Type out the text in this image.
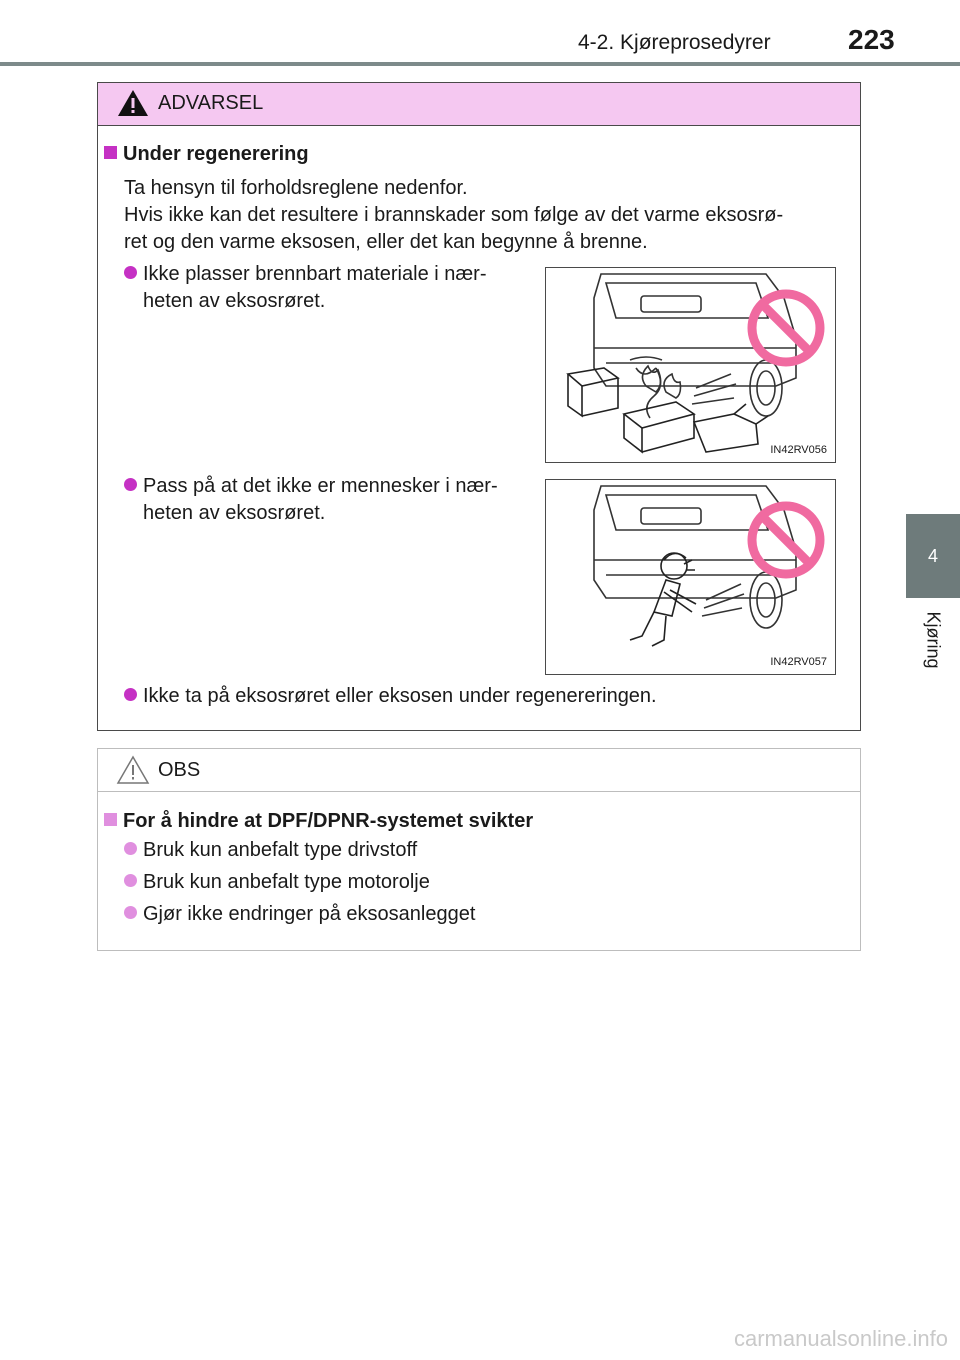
4-2. Kjøreprosedyrer	223
4
Kjøring
ADVARSEL
Under regenerering
Ta hensyn til forholdsreglene nedenfor.
Hvis ikke kan det resultere i brannskader som følge av det varme eksosrø-
ret og den varme eksosen, eller det kan begynne å brenne.
Ikke plasser brennbart materiale i nær-
heten av eksosrøret.
IN42RV056
Pass på at det ikke er mennesker i nær-
heten av eksosrøret.
IN42RV057
Ikke ta på eksosrøret eller eksosen under regenereringen.
OBS
For å hindre at DPF/DPNR-systemet svikter
Bruk kun anbefalt type drivstoff
Bruk kun anbefalt type motorolje
Gjør ikke endringer på eksosanlegget
carmanualsonline.info
